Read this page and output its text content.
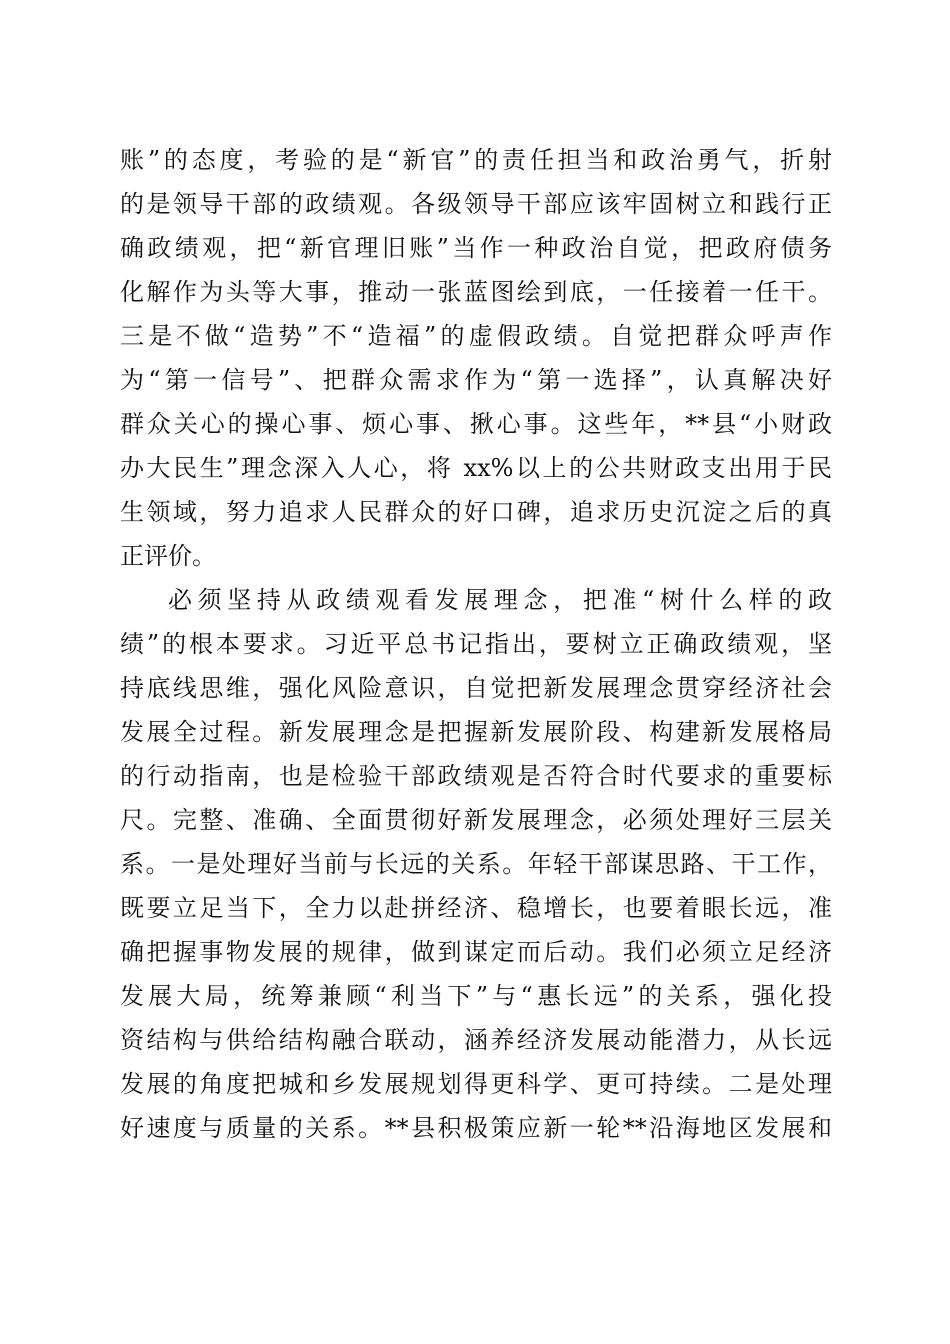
账”的态度，考验的是“新官”的责任担当和政治勇气，折射
的是领导干部的政绩观。各级领导干部应该牢固树立和践行正
确政绩观，把“新官理旧账”当作一种政治自觉，把政府债务
化解作为头等大事，推动一张蓝图绘到底，一任接着一任干。
三是不做“造势”不“造福”的虚假政绩。自觉把群众呼声作
为“第一信号”、把群众需求作为“第一选择”，认真解决好
群众关心的操心事、烦心事、揪心事。这些年，**县“小财政
办大民生”理念深入人心，将 xx%以上的公共财政支出用于民
生领域，努力追求人民群众的好口碑，追求历史沉淀之后的真
正评价。
必须坚持从政绩观看发展理念，把准“树什么样的政
绩”的根本要求。习近平总书记指出，要树立正确政绩观，坚
持底线思维，强化风险意识，自觉把新发展理念贯穿经济社会
发展全过程。新发展理念是把握新发展阶段、构建新发展格局
的行动指南，也是检验干部政绩观是否符合时代要求的重要标
尺。完整、准确、全面贯彻好新发展理念，必须处理好三层关
系。一是处理好当前与长远的关系。年轻干部谋思路、干工作，
既要立足当下，全力以赴拼经济、稳增长，也要着眼长远，准
确把握事物发展的规律，做到谋定而后动。我们必须立足经济
发展大局，统筹兼顾“利当下”与“惠长远”的关系，强化投
资结构与供给结构融合联动，涵养经济发展动能潜力，从长远
发展的角度把城和乡发展规划得更科学、更可持续。二是处理
好速度与质量的关系。**县积极策应新一轮**沿海地区发展和
